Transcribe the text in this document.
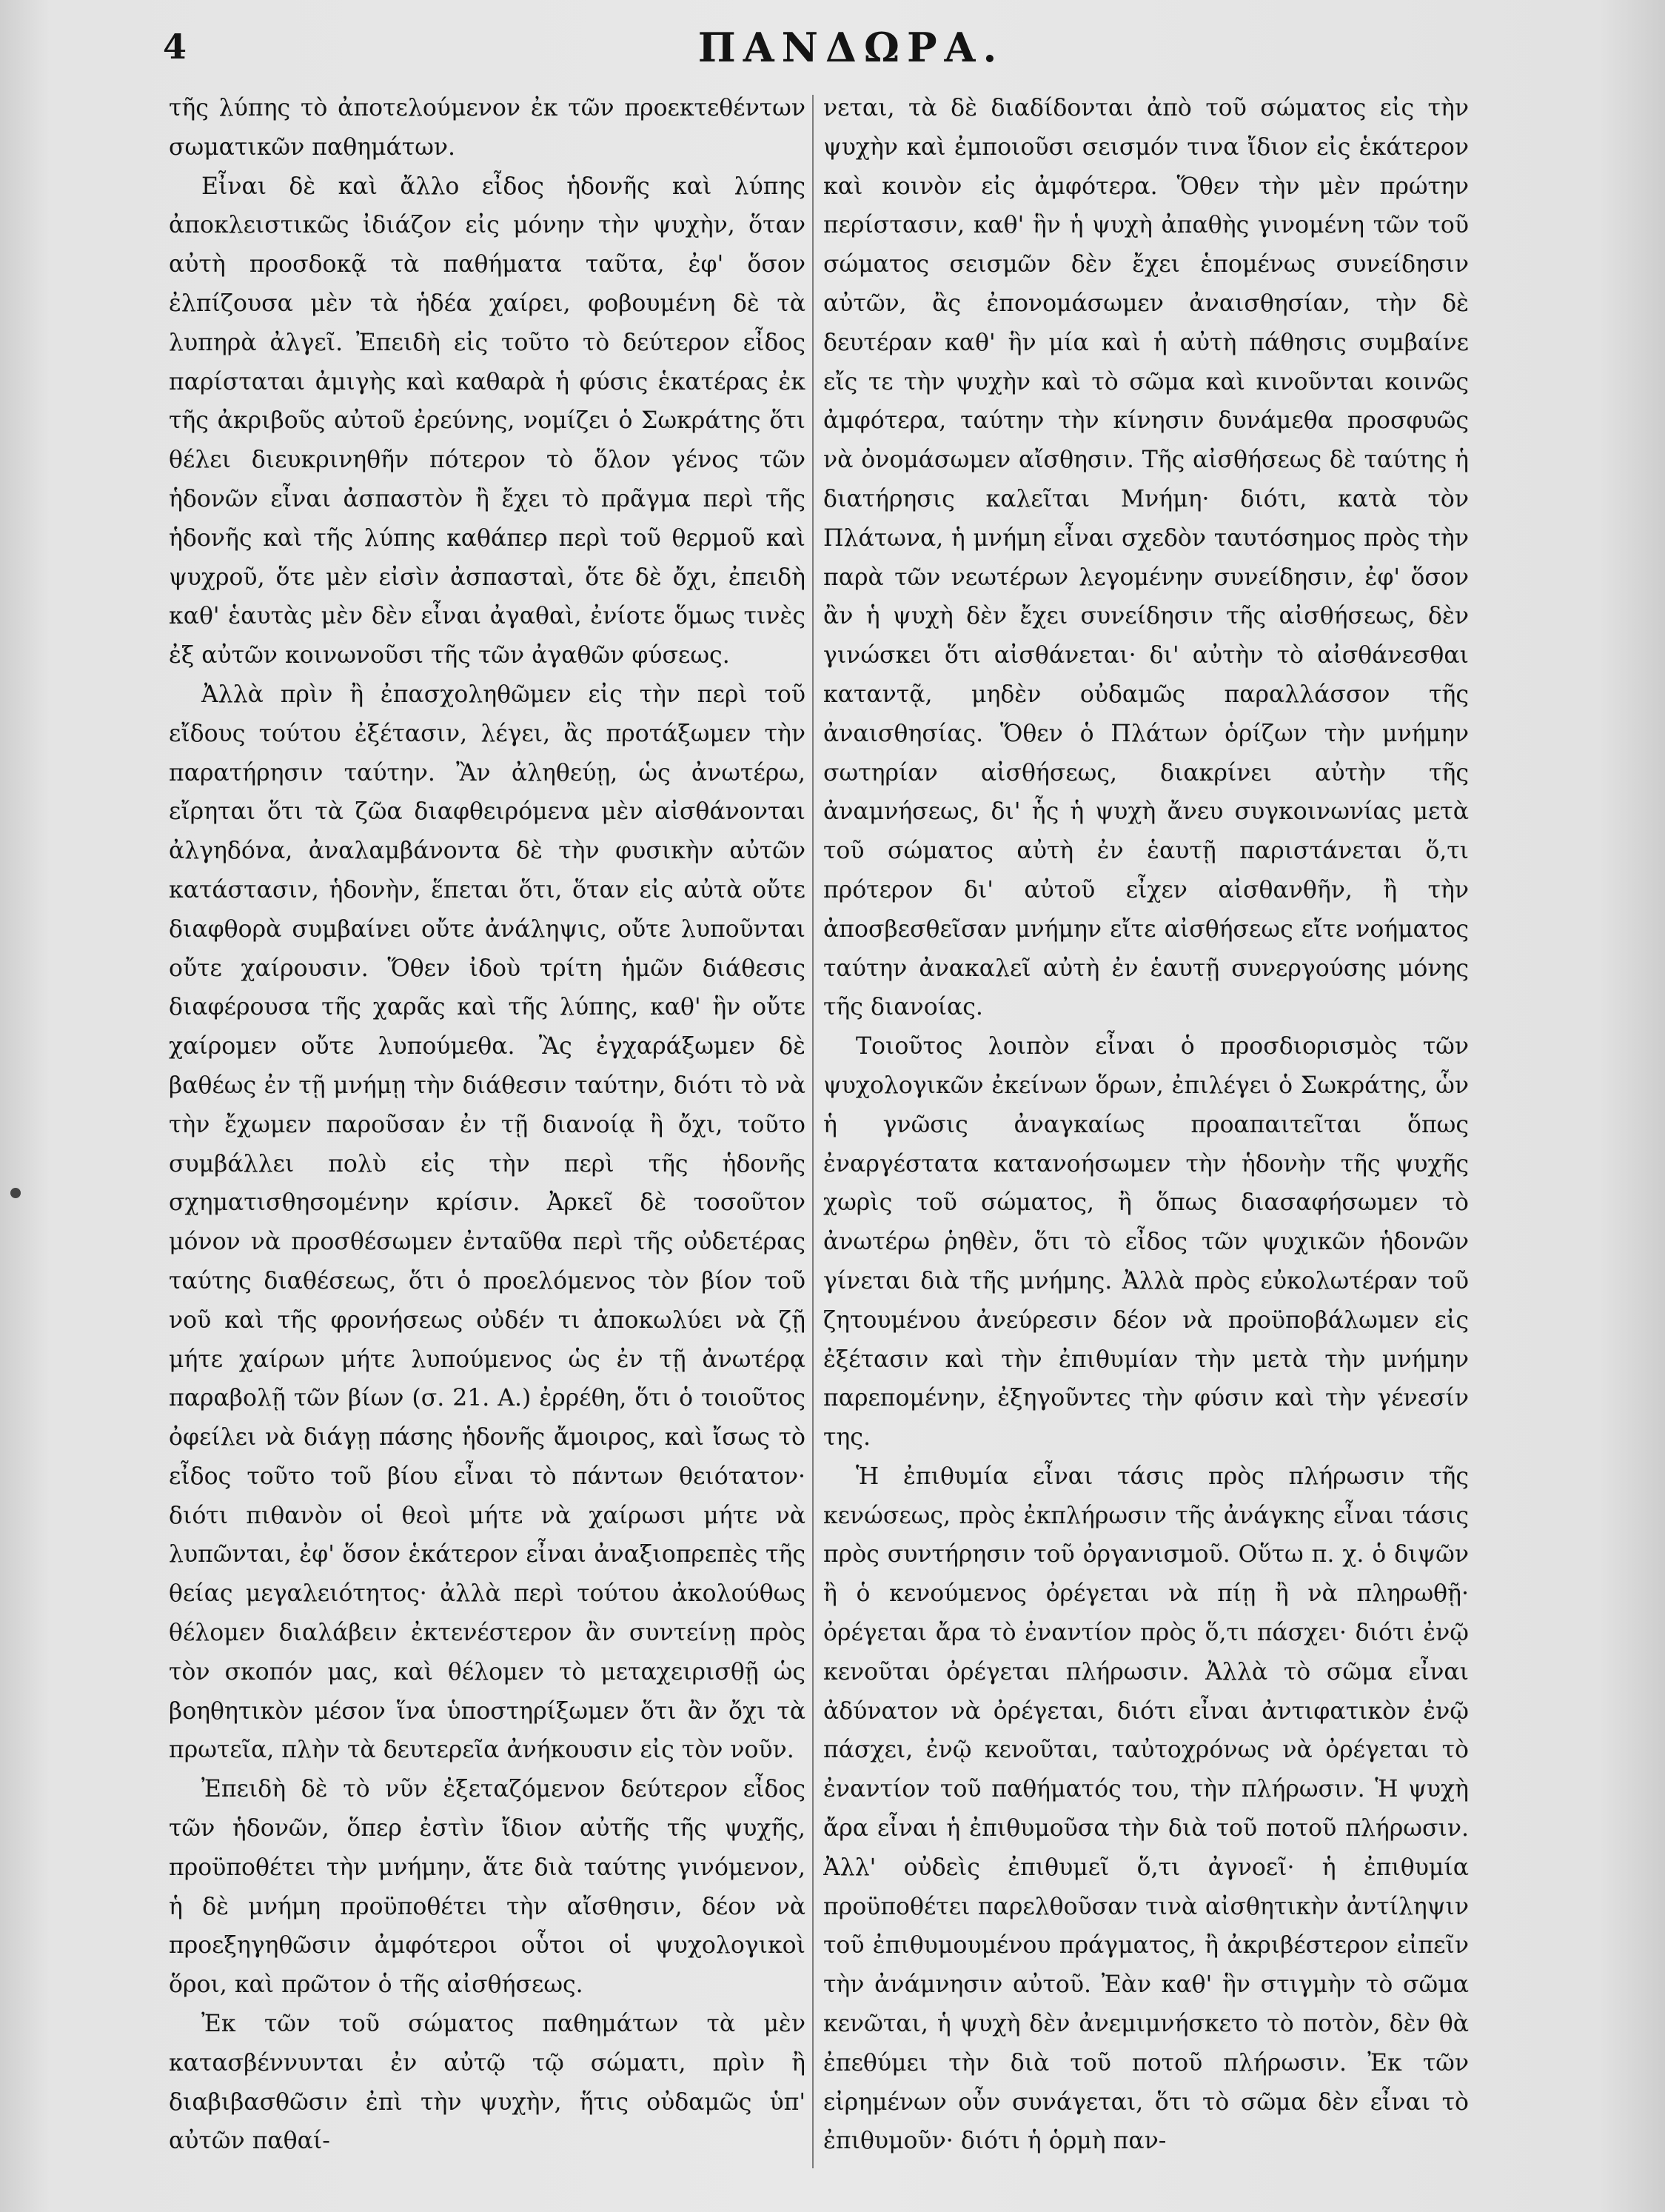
4	ΠΑΝΔΩΡΑ.

τῆς λύπης τὸ ἀποτελούμενον ἐκ τῶν προεκτεθέντων σωματικῶν παθημάτων.

Εἶναι δὲ καὶ ἄλλο εἶδος ἡδονῆς καὶ λύπης ἀποκλειστικῶς ἰδιάζον εἰς μόνην τὴν ψυχὴν, ὅταν αὐτὴ προσδοκᾷ τὰ παθήματα ταῦτα, ἐφ' ὅσον ἐλπίζουσα μὲν τὰ ἡδέα χαίρει, φοβουμένη δὲ τὰ λυπηρὰ ἀλγεῖ. Ἐπειδὴ εἰς τοῦτο τὸ δεύτερον εἶδος παρίσταται ἀμιγὴς καὶ καθαρὰ ἡ φύσις ἑκατέρας ἐκ τῆς ἀκριβοῦς αὐτοῦ ἐρεύνης, νομίζει ὁ Σωκράτης ὅτι θέλει διευκρινηθῆν πότερον τὸ ὅλον γένος τῶν ἡδονῶν εἶναι ἀσπαστὸν ἢ ἔχει τὸ πρᾶγμα περὶ τῆς ἡδονῆς καὶ τῆς λύπης καθάπερ περὶ τοῦ θερμοῦ καὶ ψυχροῦ, ὅτε μὲν εἰσὶν ἀσπασταὶ, ὅτε δὲ ὄχι, ἐπειδὴ καθ' ἑαυτὰς μὲν δὲν εἶναι ἀγαθαὶ, ἐνίοτε ὅμως τινὲς ἐξ αὐτῶν κοινωνοῦσι τῆς τῶν ἀγαθῶν φύσεως.

Ἀλλὰ πρὶν ἢ ἐπασχοληθῶμεν εἰς τὴν περὶ τοῦ εἴδους τούτου ἐξέτασιν, λέγει, ἂς προτάξωμεν τὴν παρατήρησιν ταύτην. Ἂν ἀληθεύῃ, ὡς ἀνωτέρω, εἴρηται ὅτι τὰ ζῶα διαφθειρόμενα μὲν αἰσθάνονται ἀλγηδόνα, ἀναλαμβάνοντα δὲ τὴν φυσικὴν αὐτῶν κατάστασιν, ἡδονὴν, ἕπεται ὅτι, ὅταν εἰς αὐτὰ οὔτε διαφθορὰ συμβαίνει οὔτε ἀνάληψις, οὔτε λυποῦνται οὔτε χαίρουσιν. Ὅθεν ἰδοὺ τρίτη ἡμῶν διάθεσις διαφέρουσα τῆς χαρᾶς καὶ τῆς λύπης, καθ' ἣν οὔτε χαίρομεν οὔτε λυπούμεθα. Ἂς ἐγχαράξωμεν δὲ βαθέως ἐν τῇ μνήμῃ τὴν διάθεσιν ταύτην, διότι τὸ νὰ τὴν ἔχωμεν παροῦσαν ἐν τῇ διανοίᾳ ἢ ὄχι, τοῦτο συμβάλλει πολὺ εἰς τὴν περὶ τῆς ἡδονῆς σχηματισθησομένην κρίσιν. Ἀρκεῖ δὲ τοσοῦτον μόνον νὰ προσθέσωμεν ἐνταῦθα περὶ τῆς οὐδετέρας ταύτης διαθέσεως, ὅτι ὁ προελόμενος τὸν βίον τοῦ νοῦ καὶ τῆς φρονήσεως οὐδέν τι ἀποκωλύει νὰ ζῇ μήτε χαίρων μήτε λυπούμενος ὡς ἐν τῇ ἀνωτέρᾳ παραβολῇ τῶν βίων (σ. 21. Α.) ἐρρέθη, ὅτι ὁ τοιοῦτος ὀφείλει νὰ διάγῃ πάσης ἡδονῆς ἄμοιρος, καὶ ἴσως τὸ εἶδος τοῦτο τοῦ βίου εἶναι τὸ πάντων θειότατον· διότι πιθανὸν οἱ θεοὶ μήτε νὰ χαίρωσι μήτε νὰ λυπῶνται, ἐφ' ὅσον ἑκάτερον εἶναι ἀναξιοπρεπὲς τῆς θείας μεγαλειότητος· ἀλλὰ περὶ τούτου ἀκολούθως θέλομεν διαλάβειν ἐκτενέστερον ἂν συντείνῃ πρὸς τὸν σκοπόν μας, καὶ θέλομεν τὸ μεταχειρισθῇ ὡς βοηθητικὸν μέσον ἵνα ὑποστηρίξωμεν ὅτι ἂν ὄχι τὰ πρωτεῖα, πλὴν τὰ δευτερεῖα ἀνήκουσιν εἰς τὸν νοῦν.

Ἐπειδὴ δὲ τὸ νῦν ἐξεταζόμενον δεύτερον εἶδος τῶν ἡδονῶν, ὅπερ ἐστὶν ἴδιον αὐτῆς τῆς ψυχῆς, προϋποθέτει τὴν μνήμην, ἅτε διὰ ταύτης γινόμενον, ἡ δὲ μνήμη προϋποθέτει τὴν αἴσθησιν, δέον νὰ προεξηγηθῶσιν ἀμφότεροι οὗτοι οἱ ψυχολογικοὶ ὅροι, καὶ πρῶτον ὁ τῆς αἰσθήσεως.

Ἐκ τῶν τοῦ σώματος παθημάτων τὰ μὲν κατασβέννυνται ἐν αὐτῷ τῷ σώματι, πρὶν ἢ διαβιβασθῶσιν ἐπὶ τὴν ψυχὴν, ἥτις οὐδαμῶς ὑπ' αὐτῶν παθαί-

νεται, τὰ δὲ διαδίδονται ἀπὸ τοῦ σώματος εἰς τὴν ψυχὴν καὶ ἐμποιοῦσι σεισμόν τινα ἴδιον εἰς ἑκάτερον καὶ κοινὸν εἰς ἀμφότερα. Ὅθεν τὴν μὲν πρώτην περίστασιν, καθ' ἣν ἡ ψυχὴ ἀπαθὴς γινομένη τῶν τοῦ σώματος σεισμῶν δὲν ἔχει ἑπομένως συνείδησιν αὐτῶν, ἂς ἐπονομάσωμεν ἀναισθησίαν, τὴν δὲ δευτέραν καθ' ἣν μία καὶ ἡ αὐτὴ πάθησις συμβαίνε εἴς τε τὴν ψυχὴν καὶ τὸ σῶμα καὶ κινοῦνται κοινῶς ἀμφότερα, ταύτην τὴν κίνησιν δυνάμεθα προσφυῶς νὰ ὀνομάσωμεν αἴσθησιν. Τῆς αἰσθήσεως δὲ ταύτης ἡ διατήρησις καλεῖται Μνήμη· διότι, κατὰ τὸν Πλάτωνα, ἡ μνήμη εἶναι σχεδὸν ταυτόσημος πρὸς τὴν παρὰ τῶν νεωτέρων λεγομένην συνείδησιν, ἐφ' ὅσον ἂν ἡ ψυχὴ δὲν ἔχει συνείδησιν τῆς αἰσθήσεως, δὲν γινώσκει ὅτι αἰσθάνεται· δι' αὐτὴν τὸ αἰσθάνεσθαι καταντᾷ, μηδὲν οὐδαμῶς παραλλάσσον τῆς ἀναισθησίας. Ὅθεν ὁ Πλάτων ὁρίζων τὴν μνήμην σωτηρίαν αἰσθήσεως, διακρίνει αὐτὴν τῆς ἀναμνήσεως, δι' ἧς ἡ ψυχὴ ἄνευ συγκοινωνίας μετὰ τοῦ σώματος αὐτὴ ἐν ἑαυτῇ παριστάνεται ὅ,τι πρότερον δι' αὐτοῦ εἶχεν αἰσθανθῆν, ἢ τὴν ἀποσβεσθεῖσαν μνήμην εἴτε αἰσθήσεως εἴτε νοήματος ταύτην ἀνακαλεῖ αὐτὴ ἐν ἑαυτῇ συνεργούσης μόνης τῆς διανοίας.

Τοιοῦτος λοιπὸν εἶναι ὁ προσδιορισμὸς τῶν ψυχολογικῶν ἐκείνων ὅρων, ἐπιλέγει ὁ Σωκράτης, ὧν ἡ γνῶσις ἀναγκαίως προαπαιτεῖται ὅπως ἐναργέστατα κατανοήσωμεν τὴν ἡδονὴν τῆς ψυχῆς χωρὶς τοῦ σώματος, ἢ ὅπως διασαφήσωμεν τὸ ἀνωτέρω ῥηθὲν, ὅτι τὸ εἶδος τῶν ψυχικῶν ἡδονῶν γίνεται διὰ τῆς μνήμης. Ἀλλὰ πρὸς εὐκολωτέραν τοῦ ζητουμένου ἀνεύρεσιν δέον νὰ προϋποβάλωμεν εἰς ἐξέτασιν καὶ τὴν ἐπιθυμίαν τὴν μετὰ τὴν μνήμην παρεπομένην, ἐξηγοῦντες τὴν φύσιν καὶ τὴν γένεσίν της.

Ἡ ἐπιθυμία εἶναι τάσις πρὸς πλήρωσιν τῆς κενώσεως, πρὸς ἐκπλήρωσιν τῆς ἀνάγκης εἶναι τάσις πρὸς συντήρησιν τοῦ ὀργανισμοῦ. Οὕτω π. χ. ὁ διψῶν ἢ ὁ κενούμενος ὀρέγεται νὰ πίῃ ἢ νὰ πληρωθῇ· ὀρέγεται ἄρα τὸ ἐναντίον πρὸς ὅ,τι πάσχει· διότι ἐνῷ κενοῦται ὀρέγεται πλήρωσιν. Ἀλλὰ τὸ σῶμα εἶναι ἀδύνατον νὰ ὀρέγεται, διότι εἶναι ἀντιφατικὸν ἐνῷ πάσχει, ἐνῷ κενοῦται, ταὐτοχρόνως νὰ ὀρέγεται τὸ ἐναντίον τοῦ παθήματός του, τὴν πλήρωσιν. Ἡ ψυχὴ ἄρα εἶναι ἡ ἐπιθυμοῦσα τὴν διὰ τοῦ ποτοῦ πλήρωσιν. Ἀλλ' οὐδεὶς ἐπιθυμεῖ ὅ,τι ἀγνοεῖ· ἡ ἐπιθυμία προϋποθέτει παρελθοῦσαν τινὰ αἰσθητικὴν ἀντίληψιν τοῦ ἐπιθυμουμένου πράγματος, ἢ ἀκριβέστερον εἰπεῖν τὴν ἀνάμνησιν αὐτοῦ. Ἐὰν καθ' ἣν στιγμὴν τὸ σῶμα κενῶται, ἡ ψυχὴ δὲν ἀνεμιμνήσκετο τὸ ποτὸν, δὲν θὰ ἐπεθύμει τὴν διὰ τοῦ ποτοῦ πλήρωσιν. Ἐκ τῶν εἰρημένων οὖν συνάγεται, ὅτι τὸ σῶμα δὲν εἶναι τὸ ἐπιθυμοῦν· διότι ἡ ὁρμὴ παν-
